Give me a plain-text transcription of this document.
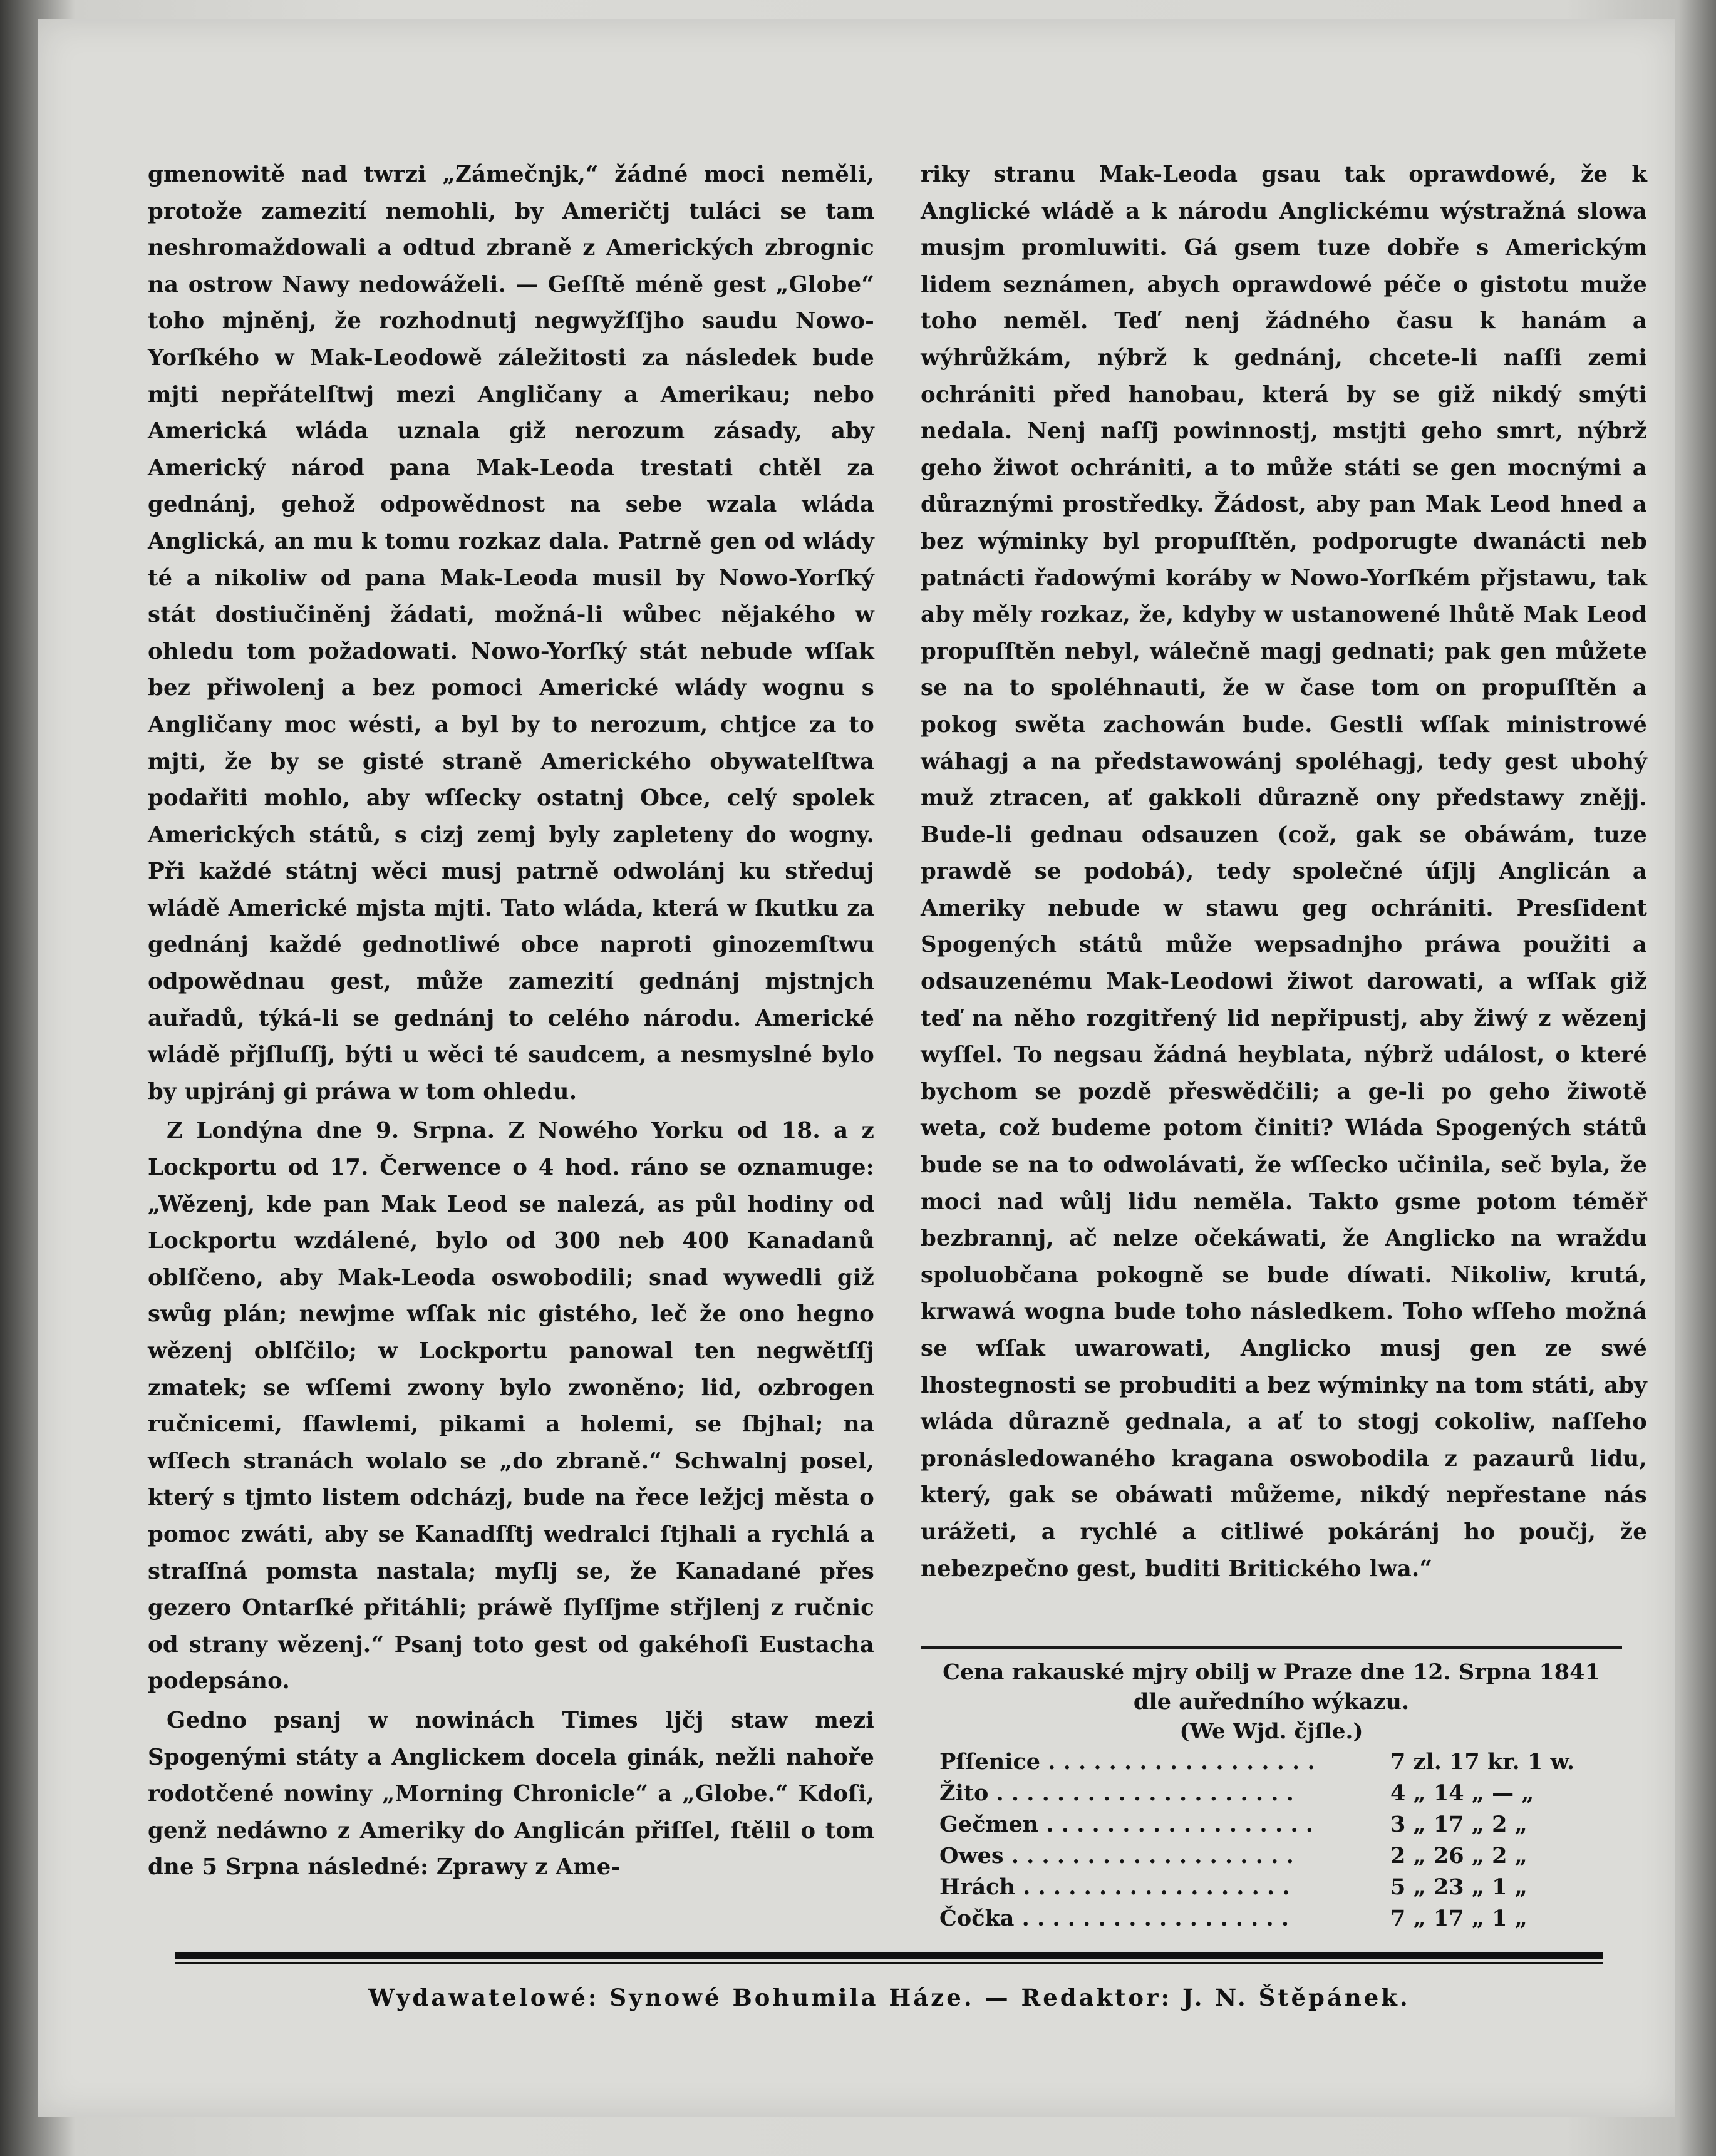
gmenowitě nad twrzi „Zámečnjk,“ žádné moci neměli, protože zamezití nemohli, by Američtj tuláci se tam neshromaždowali a odtud zbraně z Amerických zbrognic na ostrow Nawy nedowáželi. — Geſſtě méně gest „Globe“ toho mjněnj, že rozhodnutj negwyžſſjho saudu Nowo-Yorſkého w Mak-Leodowě záležitosti za následek bude mjti nepřátelſtwj mezi Angličany a Amerikau; nebo Americká wláda uznala giž nerozum zásady, aby Americký národ pana Mak-Leoda trestati chtěl za gednánj, gehož odpowědnost na sebe wzala wláda Anglická, an mu k tomu rozkaz dala. Patrně gen od wlády té a nikoliw od pana Mak-Leoda musil by Nowo-Yorſký stát dostiučiněnj žádati, možná-li wůbec nějakého w ohledu tom požadowati. Nowo-Yorſký stát nebude wſſak bez přiwolenj a bez pomoci Americké wlády wognu s Angličany moc wésti, a byl by to nerozum, chtjce za to mjti, že by se gisté straně Amerického obywatelſtwa podařiti mohlo, aby wſſecky ostatnj Obce, celý spolek Amerických států, s cizj zemj byly zapleteny do wogny. Při každé státnj wěci musj patrně odwolánj ku středuj wládě Americké mjsta mjti. Tato wláda, která w ſkutku za gednánj každé gednotliwé obce naproti ginozemſtwu odpowědnau gest, může zamezití gednánj mjstnjch auřadů, týká-li se gednánj to celého národu. Americké wládě přjſluſſj, býti u wěci té saudcem, a nesmyslné bylo by upjránj gi práwa w tom ohledu.

Z Londýna dne 9. Srpna. Z Nowého Yorku od 18. a z Lockportu od 17. Čerwence o 4 hod. ráno se oznamuge: „Wězenj, kde pan Mak Leod se nalezá, as půl hodiny od Lockportu wzdálené, bylo od 300 neb 400 Kanadanů oblſčeno, aby Mak-Leoda oswobodili; snad wywedli giž swůg plán; newjme wſſak nic gistého, leč že ono hegno wězenj oblſčilo; w Lockportu panowal ten negwětſſj zmatek; se wſſemi zwony bylo zwoněno; lid, ozbrogen ručnicemi, ſſawlemi, pikami a holemi, se ſbjhal; na wſſech stranách wolalo se „do zbraně.“ Schwalnj posel, který s tjmto listem odcházj, bude na řece ležjcj města o pomoc zwáti, aby se Kanadſſtj wedralci ſtjhali a rychlá a straſſná pomsta nastala; myſlj se, že Kanadané přes gezero Ontarſké přitáhli; práwě ſlyſſjme střjlenj z ručnic od strany wězenj.“ Psanj toto gest od gakéhoſi Eustacha podepsáno.

Gedno psanj w nowinách Times ljčj staw mezi Spogenými státy a Anglickem docela ginák, nežli nahoře rodotčené nowiny „Morning Chronicle“ a „Globe.“ Kdoſi, genž nedáwno z Ameriky do Anglicán přiſſel, ſtělil o tom dne 5 Srpna následné: Zprawy z Ame-

riky stranu Mak-Leoda gsau tak oprawdowé, že k Anglické wládě a k národu Anglickému wýstražná slowa musjm promluwiti. Gá gsem tuze dobře s Americkým lidem seznámen, abych oprawdowé péče o gistotu muže toho neměl. Teď nenj žádného času k hanám a wýhrůžkám, nýbrž k gednánj, chcete-li naſſi zemi ochrániti před hanobau, která by se giž nikdý smýti nedala. Nenj naſſj powinnostj, mstjti geho smrt, nýbrž geho žiwot ochrániti, a to může státi se gen mocnými a důraznými prostředky. Žádost, aby pan Mak Leod hned a bez wýminky byl propuſſtěn, podporugte dwanácti neb patnácti řadowými koráby w Nowo-Yorſkém přjstawu, tak aby měly rozkaz, že, kdyby w ustanowené lhůtě Mak Leod propuſſtěn nebyl, wálečně magj gednati; pak gen můžete se na to spoléhnauti, že w čase tom on propuſſtěn a pokog swěta zachowán bude. Gestli wſſak ministrowé wáhagj a na předstawowánj spoléhagj, tedy gest ubohý muž ztracen, ať gakkoli důrazně ony předstawy znějj. Bude-li gednau odsauzen (což, gak se obáwám, tuze prawdě se podobá), tedy společné úſjlj Anglicán a Ameriky nebude w stawu geg ochrániti. Presſident Spogených států může wepsadnjho práwa použiti a odsauzenému Mak-Leodowi žiwot darowati, a wſſak giž teď na něho rozgitřený lid nepřipustj, aby žiwý z wězenj wyſſel. To negsau žádná heyblata, nýbrž událost, o které bychom se pozdě přeswědčili; a ge-li po geho žiwotě weta, což budeme potom činiti? Wláda Spogených států bude se na to odwolávati, že wſſecko učinila, seč byla, že moci nad wůlj lidu neměla. Takto gsme potom téměř bezbrannj, ač nelze očekáwati, že Anglicko na wraždu spoluobčana pokogně se bude díwati. Nikoliw, krutá, krwawá wogna bude toho následkem. Toho wſſeho možná se wſſak uwarowati, Anglicko musj gen ze swé lhostegnosti se probuditi a bez wýminky na tom státi, aby wláda důrazně gednala, a ať to stogj cokoliw, naſſeho pronásledowaného kragana oswobodila z pazaurů lidu, který, gak se obáwati můžeme, nikdý nepřestane nás urážeti, a rychlé a citliwé pokáránj ho poučj, že nebezpečno gest, buditi Britického lwa.“

Cena rakauské mjry obilj w Praze dne 12. Srpna 1841
dle auředního wýkazu.
(We Wjd. čjſle.)
Pſſenice . . . . . . . . . . . . . . . . . .	7 zl. 17 kr. 1 w.
Žito . . . . . . . . . . . . . . . . . . . .	4 „ 14 „ — „
Gečmen . . . . . . . . . . . . . . . . . .	3 „ 17 „ 2 „
Owes . . . . . . . . . . . . . . . . . . .	2 „ 26 „ 2 „
Hrách . . . . . . . . . . . . . . . . . .	5 „ 23 „ 1 „
Čočka . . . . . . . . . . . . . . . . . .	7 „ 17 „ 1 „
Wydawatelowé: Synowé Bohumila Háze. — Redaktor: J. N. Štěpánek.
